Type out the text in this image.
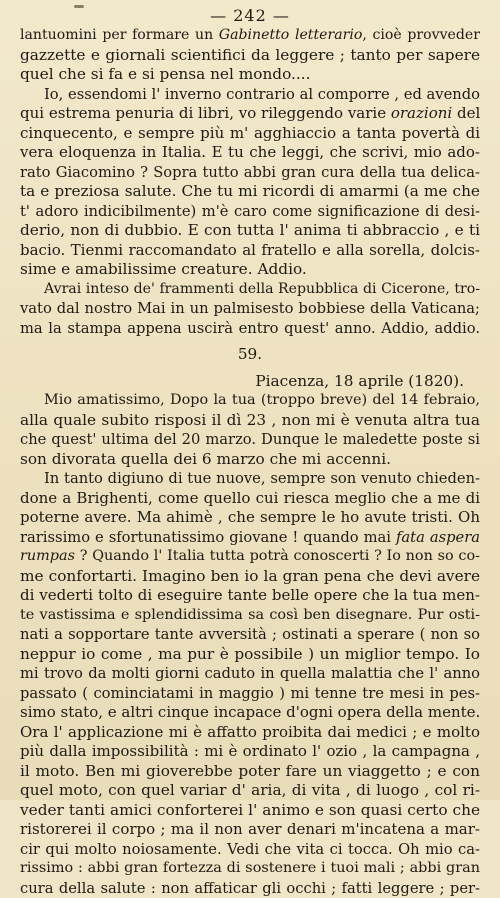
— 242 —
lantuomini per formare un Gabinetto letterario, cioè provveder
gazzette e giornali scientifici da leggere ; tanto per sapere
quel che si fa e si pensa nel mondo....
Io, essendomi l' inverno contrario al comporre , ed avendo
qui estrema penuria di libri, vo rileggendo varie orazioni del
cinquecento, e sempre più m' agghiaccio a tanta povertà di
vera eloquenza in Italia. E tu che leggi, che scrivi, mio ado-
rato Giacomino ? Sopra tutto abbi gran cura della tua delica-
ta e preziosa salute. Che tu mi ricordi di amarmi (a me che
t' adoro indicibilmente) m'è caro come significazione di desi-
derio, non di dubbio. E con tutta l' anima ti abbraccio , e ti
bacio. Tienmi raccomandato al fratello e alla sorella, dolcis-
sime e amabilissime creature. Addio.
Avrai inteso de' frammenti della Repubblica di Cicerone, tro-
vato dal nostro Mai in un palmisesto bobbiese della Vaticana;
ma la stampa appena uscirà entro quest' anno. Addio, addio.
59.
Piacenza, 18 aprile (1820).
Mio amatissimo, Dopo la tua (troppo breve) del 14 febraio,
alla quale subito risposi il dì 23 , non mi è venuta altra tua
che quest' ultima del 20 marzo. Dunque le maledette poste si
son divorata quella dei 6 marzo che mi accenni.
In tanto digiuno di tue nuove, sempre son venuto chieden-
done a Brighenti, come quello cui riesca meglio che a me di
poterne avere. Ma ahimè , che sempre le ho avute tristi. Oh
rarissimo e sfortunatissimo giovane ! quando mai fata aspera
rumpas ? Quando l' Italia tutta potrà conoscerti ? Io non so co-
me confortarti. Imagino ben io la gran pena che devi avere
di vederti tolto di eseguire tante belle opere che la tua men-
te vastissima e splendidissima sa così ben disegnare. Pur osti-
nati a sopportare tante avversità ; ostinati a sperare ( non so
neppur io come , ma pur è possibile ) un miglior tempo. Io
mi trovo da molti giorni caduto in quella malattia che l' anno
passato ( cominciatami in maggio ) mi tenne tre mesi in pes-
simo stato, e altri cinque incapace d'ogni opera della mente.
Ora l' applicazione mi è affatto proibita dai medici ; e molto
più dalla impossibilità : mi è ordinato l' ozio , la campagna ,
il moto. Ben mi gioverebbe poter fare un viaggetto ; e con
quel moto, con quel variar d' aria, di vita , di luogo , col ri-
veder tanti amici conforterei l' animo e son quasi certo che
ristorerei il corpo ; ma il non aver denari m'incatena a mar-
cir qui molto noiosamente. Vedi che vita ci tocca. Oh mio ca-
rissimo : abbi gran fortezza di sostenere i tuoi mali ; abbi gran
cura della salute : non affaticar gli occhi ; fatti leggere ; per-
